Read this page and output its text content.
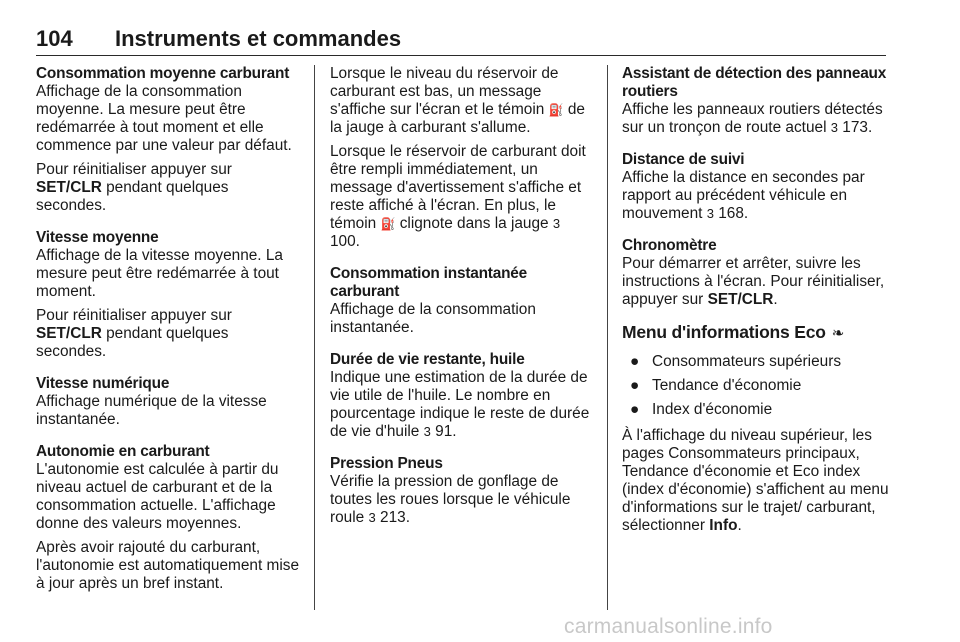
104 Instruments et commandes
Consommation moyenne carburant

Affichage de la consommation moyenne. La mesure peut être redémarrée à tout moment et elle commence par une valeur par défaut.

Pour réinitialiser appuyer sur SET/CLR pendant quelques secondes.

Vitesse moyenne

Affichage de la vitesse moyenne. La mesure peut être redémarrée à tout moment.

Pour réinitialiser appuyer sur SET/CLR pendant quelques secondes.

Vitesse numérique

Affichage numérique de la vitesse instantanée.

Autonomie en carburant

L'autonomie est calculée à partir du niveau actuel de carburant et de la consommation actuelle. L'affichage donne des valeurs moyennes.

Après avoir rajouté du carburant, l'autonomie est automatiquement mise à jour après un bref instant.

Lorsque le niveau du réservoir de carburant est bas, un message s'affiche sur l'écran et le témoin ⛽ de la jauge à carburant s'allume.

Lorsque le réservoir de carburant doit être rempli immédiatement, un message d'avertissement s'affiche et reste affiché à l'écran. En plus, le témoin ⛽ clignote dans la jauge 3 100.

Consommation instantanée carburant

Affichage de la consommation instantanée.

Durée de vie restante, huile

Indique une estimation de la durée de vie utile de l'huile. Le nombre en pourcentage indique le reste de durée de vie d'huile 3 91.

Pression Pneus

Vérifie la pression de gonflage de toutes les roues lorsque le véhicule roule 3 213.

Assistant de détection des panneaux routiers

Affiche les panneaux routiers détectés sur un tronçon de route actuel 3 173.

Distance de suivi

Affiche la distance en secondes par rapport au précédent véhicule en mouvement 3 168.

Chronomètre

Pour démarrer et arrêter, suivre les instructions à l'écran. Pour réinitialiser, appuyer sur SET/CLR.

Menu d'informations Eco ❧
● Consommateurs supérieurs
● Tendance d'économie
● Index d'économie

À l'affichage du niveau supérieur, les pages Consommateurs principaux, Tendance d'économie et Eco index (index d'économie) s'affichent au menu d'informations sur le trajet/ carburant, sélectionner Info.

carmanualsonline.info
